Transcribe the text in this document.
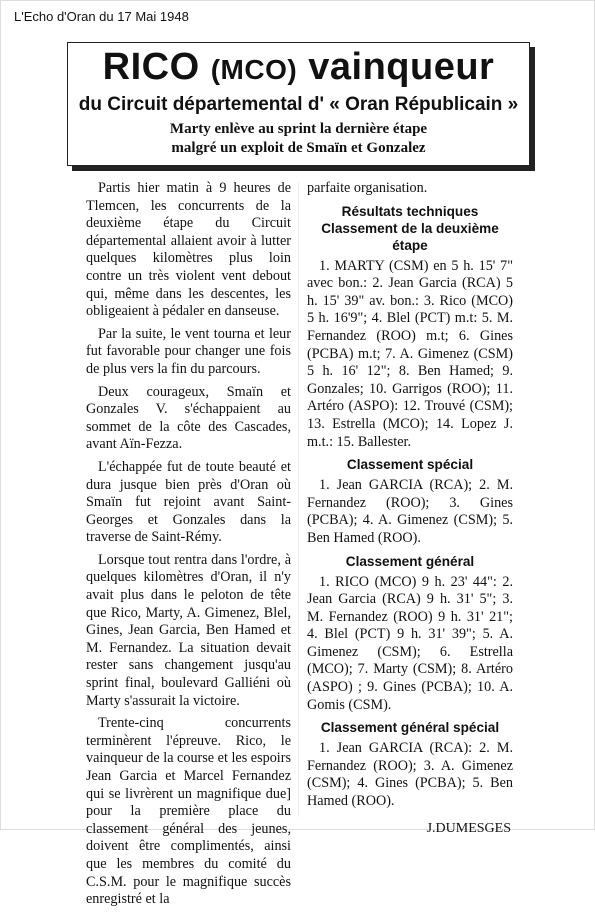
L'Echo d'Oran du 17 Mai 1948
RICO (MCO) vainqueur
du Circuit départemental d' « Oran Républicain »
Marty enlève au sprint la dernière étape
malgré un exploit de Smaïn et Gonzalez

Partis hier matin à 9 heures de Tlemcen, les concurrents de la deuxième étape du Circuit départemental allaient avoir à lutter quelques kilomètres plus loin contre un très violent vent debout qui, même dans les descentes, les obligeaient à pédaler en danseuse.

Par la suite, le vent tourna et leur fut favorable pour changer une fois de plus vers la fin du parcours.

Deux courageux, Smaïn et Gonzales V. s'échappaient au sommet de la côte des Cascades, avant Aïn-Fezza.

L'échappée fut de toute beauté et dura jusque bien près d'Oran où Smaïn fut rejoint avant Saint-Georges et Gonzales dans la traverse de Saint-Rémy.

Lorsque tout rentra dans l'ordre, à quelques kilomètres d'Oran, il n'y avait plus dans le peloton de tête que Rico, Marty, A. Gimenez, Blel, Gines, Jean Garcia, Ben Hamed et M. Fernandez. La situation devait rester sans changement jusqu'au sprint final, boulevard Galliéni où Marty s'assurait la victoire.

Trente-cinq concurrents terminèrent l'épreuve. Rico, le vainqueur de la course et les espoirs Jean Garcia et Marcel Fernandez qui se livrèrent un magnifique due] pour la première place du classement général des jeunes, doivent être complimentés, ainsi que les membres du comité du C.S.M. pour le magnifique succès enregistré et la

parfaite organisation.

Résultats techniques
Classement de la deuxième étape

1. MARTY (CSM) en 5 h. 15' 7" avec bon.: 2. Jean Garcia (RCA) 5 h. 15' 39" av. bon.: 3. Rico (MCO) 5 h. 16'9"; 4. Blel (PCT) m.t: 5. M. Fernandez (ROO) m.t; 6. Gines (PCBA) m.t; 7. A. Gimenez (CSM) 5 h. 16' 12"; 8. Ben Hamed; 9. Gonzales; 10. Garrigos (ROO); 11. Artéro (ASPO): 12. Trouvé (CSM); 13. Estrella (MCO); 14. Lopez J. m.t.: 15. Ballester.

Classement spécial

1. Jean GARCIA (RCA); 2. M. Fernandez (ROO); 3. Gines (PCBA); 4. A. Gimenez (CSM); 5. Ben Hamed (ROO).

Classement général

1. RICO (MCO) 9 h. 23' 44": 2. Jean Garcia (RCA) 9 h. 31' 5"; 3. M. Fernandez (ROO) 9 h. 31' 21"; 4. Blel (PCT) 9 h. 31' 39"; 5. A. Gimenez (CSM); 6. Estrella (MCO); 7. Marty (CSM); 8. Artéro (ASPO) ; 9. Gines (PCBA); 10. A. Gomis (CSM).

Classement général spécial

1. Jean GARCIA (RCA): 2. M. Fernandez (ROO); 3. A. Gimenez (CSM); 4. Gines (PCBA); 5. Ben Hamed (ROO).

J.DUMESGES
